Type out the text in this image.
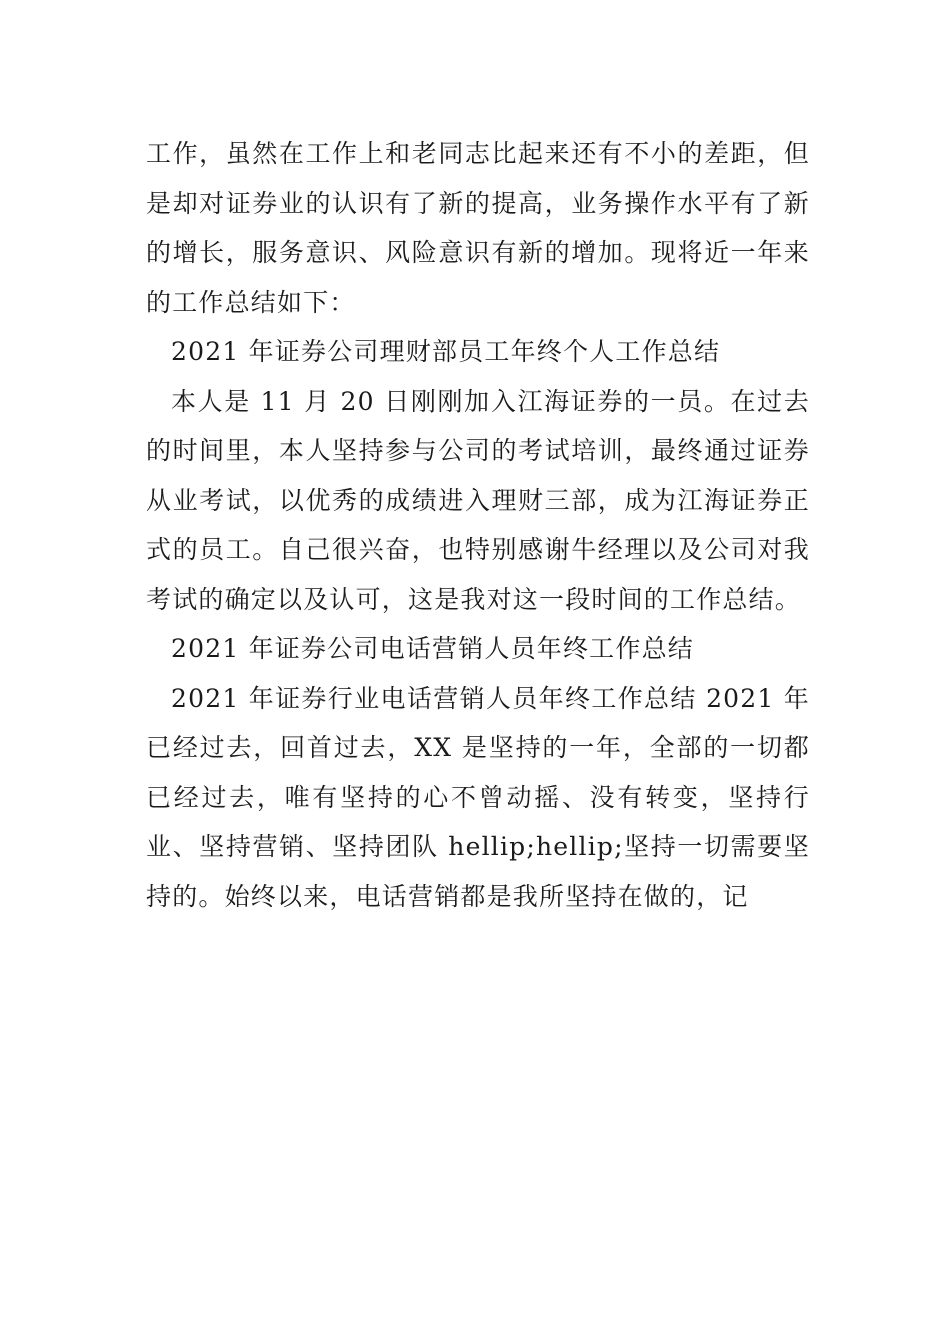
工作，虽然在工作上和老同志比起来还有不小的差距，但是却对证券业的认识有了新的提高，业务操作水平有了新的增长，服务意识、风险意识有新的增加。现将近一年来的工作总结如下：

2021 年证券公司理财部员工年终个人工作总结

本人是 11 月 20 日刚刚加入江海证券的一员。在过去的时间里，本人坚持参与公司的考试培训，最终通过证券从业考试，以优秀的成绩进入理财三部，成为江海证券正式的员工。自己很兴奋，也特别感谢牛经理以及公司对我考试的确定以及认可，这是我对这一段时间的工作总结。

2021 年证券公司电话营销人员年终工作总结

2021 年证券行业电话营销人员年终工作总结 2021 年已经过去，回首过去，XX 是坚持的一年，全部的一切都已经过去，唯有坚持的心不曾动摇、没有转变，坚持行业、坚持营销、坚持团队 hellip;hellip;坚持一切需要坚持的。始终以来，电话营销都是我所坚持在做的，记
